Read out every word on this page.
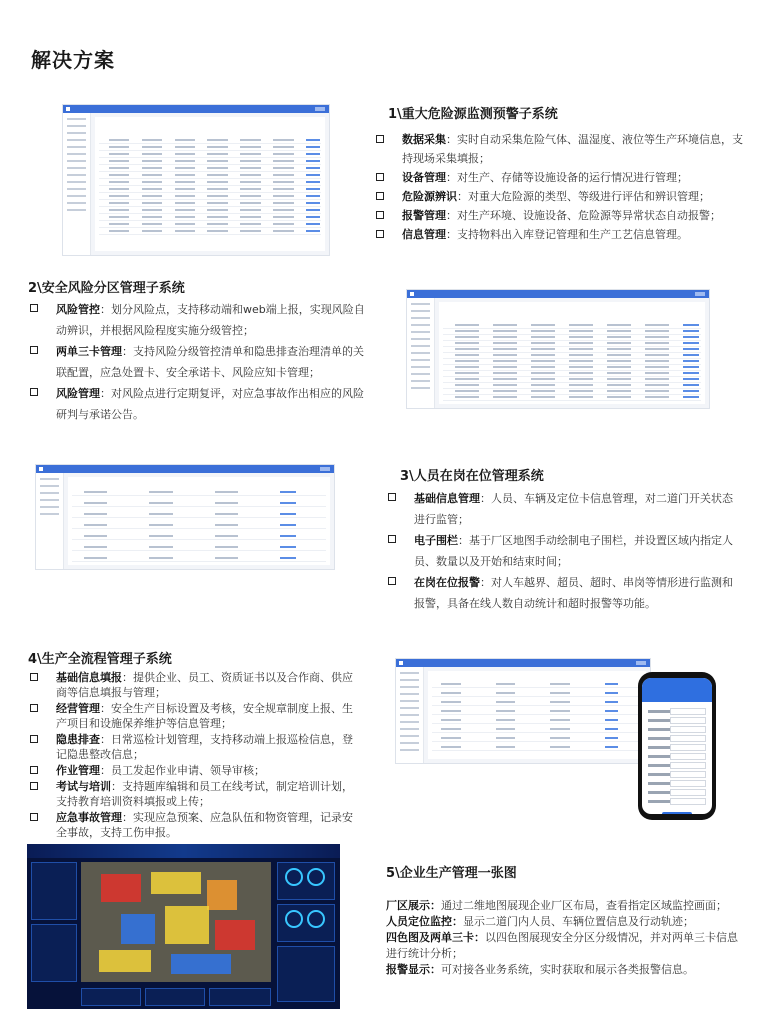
解决方案
1\重大危险源监测预警子系统
数据采集：实时自动采集危险气体、温湿度、液位等生产环境信息，支持现场采集填报；
设备管理：对生产、存储等设施设备的运行情况进行管理；
危险源辨识：对重大危险源的类型、等级进行评估和辨识管理；
报警管理：对生产环境、设施设备、危险源等异常状态自动报警；
信息管理：支持物料出入库登记管理和生产工艺信息管理。
2\安全风险分区管理子系统
风险管控：划分风险点，支持移动端和web端上报，实现风险自动辨识，并根据风险程度实施分级管控；
两单三卡管理：支持风险分级管控清单和隐患排查治理清单的关联配置，应急处置卡、安全承诺卡、风险应知卡管理；
风险管理：对风险点进行定期复评，对应急事故作出相应的风险研判与承诺公告。
3\人员在岗在位管理系统
基础信息管理：人员、车辆及定位卡信息管理，对二道门开关状态进行监管；
电子围栏：基于厂区地图手动绘制电子围栏，并设置区域内指定人员、数量以及开始和结束时间；
在岗在位报警：对人车越界、超员、超时、串岗等情形进行监测和报警，具备在线人数自动统计和超时报警等功能。
4\生产全流程管理子系统
基础信息填报：提供企业、员工、资质证书以及合作商、供应商等信息填报与管理；
经营管理：安全生产目标设置及考核，安全规章制度上报、生产项目和设施保养维护等信息管理；
隐患排查：日常巡检计划管理，支持移动端上报巡检信息，登记隐患整改信息；
作业管理：员工发起作业申请、领导审核；
考试与培训：支持题库编辑和员工在线考试，制定培训计划，支持教育培训资料填报或上传；
应急事故管理：实现应急预案、应急队伍和物资管理，记录安全事故，支持工伤申报。
5\企业生产管理一张图
厂区展示：通过二维地图展现企业厂区布局，查看指定区域监控画面；
人员定位监控：显示二道门内人员、车辆位置信息及行动轨迹；
四色图及两单三卡：以四色图展现安全分区分级情况，并对两单三卡信息进行统计分析；
报警显示：可对接各业务系统，实时获取和展示各类报警信息。
